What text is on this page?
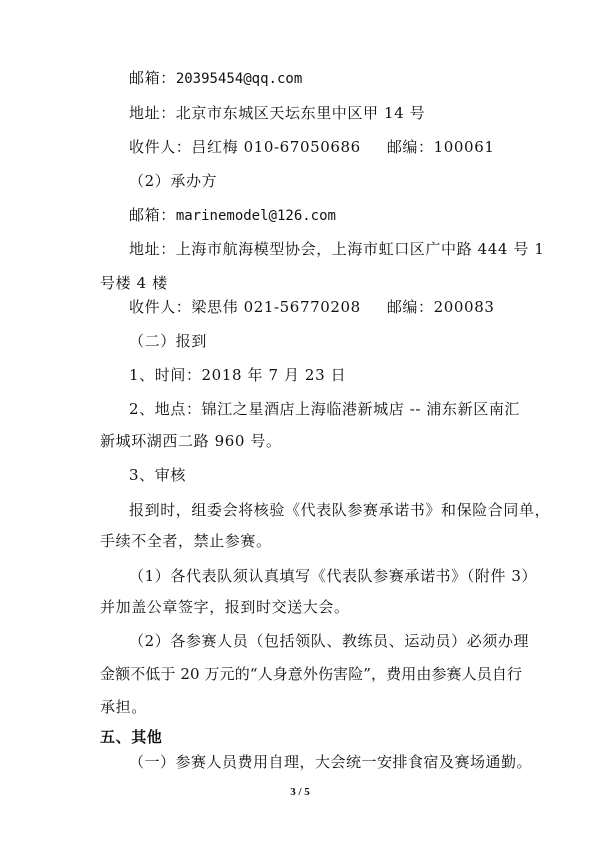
邮箱：20395454@qq.com
地址：北京市东城区天坛东里中区甲 14 号
收件人：吕红梅 010-67050686 邮编：100061
（2）承办方
邮箱：marinemodel@126.com
地址：上海市航海模型协会，上海市虹口区广中路 444 号 1
号楼 4 楼
收件人：梁思伟 021-56770208 邮编：200083
（二）报到
1、时间：2018 年 7 月 23 日
2、地点：锦江之星酒店上海临港新城店 -- 浦东新区南汇
新城环湖西二路 960 号。
3、审核
报到时，组委会将核验《代表队参赛承诺书》和保险合同单，
手续不全者，禁止参赛。
（1）各代表队须认真填写《代表队参赛承诺书》（附件 3）
并加盖公章签字，报到时交送大会。
（2）各参赛人员（包括领队、教练员、运动员）必须办理
金额不低于 20 万元的“人身意外伤害险”，费用由参赛人员自行
承担。
五、其他
（一）参赛人员费用自理，大会统一安排食宿及赛场通勤。
3 / 5
